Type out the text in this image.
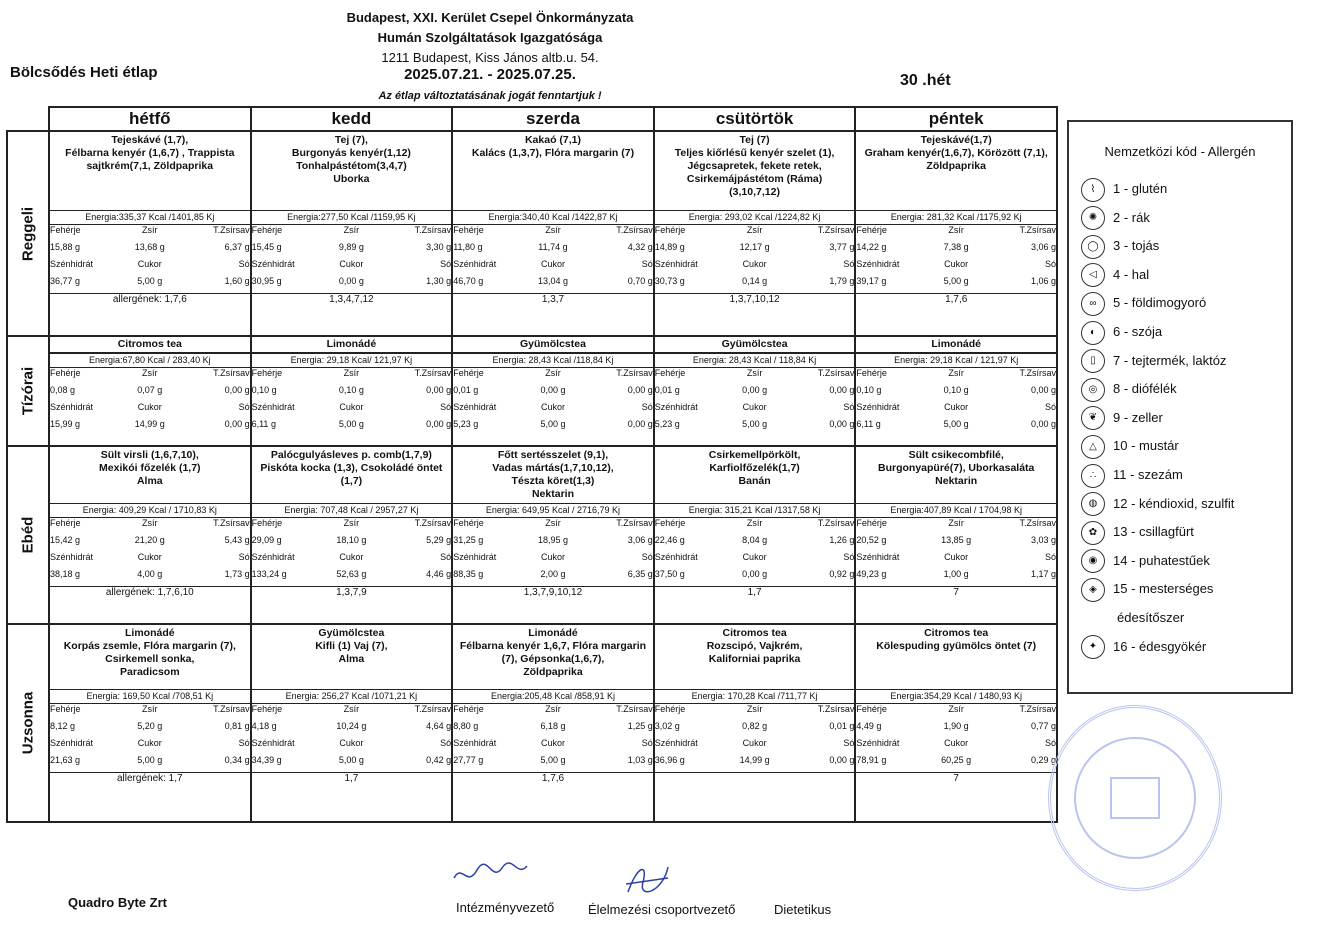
Budapest, XXI. Kerület Csepel Önkormányzata
Humán Szolgáltatások Igazgatósága
1211 Budapest, Kiss János altb.u. 54.
2025.07.21. - 2025.07.25.
Az étlap változtatásának jogát fenntartjuk !
Bölcsődés Heti étlap	30 .hét
	hétfő	kedd	szerda	csütörtök	péntek

Reggeli

Tejeskávé (1,7),
Félbarna kenyér (1,6,7) , Trappista sajtkrém(7,1, Zöldpaprika
Energia:335,37 Kcal /1401,85 Kj
Fehérje	Zsír	T.Zsírsav
15,88 g	13,68 g	6,37 g
Szénhidrát	Cukor	Só
36,77 g	5,00 g	1,60 g
allergének: 1,7,6

Tej (7),
Burgonyás kenyér(1,12)
Tonhalpástétom(3,4,7)
Uborka
Energia:277,50 Kcal /1159,95 Kj
Fehérje	Zsír	T.Zsírsav
15,45 g	9,89 g	3,30 g
Szénhidrát	Cukor	Só
30,95 g	0,00 g	1,30 g
1,3,4,7,12

Kakaó (7,1)
Kalács (1,3,7), Flóra margarin (7)
Energia:340,40 Kcal /1422,87 Kj
Fehérje	Zsír	T.Zsírsav
11,80 g	11,74 g	4,32 g
Szénhidrát	Cukor	Só
46,70 g	13,04 g	0,70 g
1,3,7

Tej (7)
Teljes kiőrlésű kenyér szelet (1),
Jégcsapretek, fekete retek,
Csirkemájpástétom (Ráma)
(3,10,7,12)
Energia: 293,02 Kcal /1224,82 Kj
Fehérje	Zsír	T.Zsírsav
14,89 g	12,17 g	3,77 g
Szénhidrát	Cukor	Só
30,73 g	0,14 g	1,79 g
1,3,7,10,12

Tejeskávé(1,7)
Graham kenyér(1,6,7), Körözött (7,1),
Zöldpaprika
Energia: 281,32 Kcal /1175,92 Kj
Fehérje	Zsír	T.Zsírsav
14,22 g	7,38 g	3,06 g
Szénhidrát	Cukor	Só
39,17 g	5,00 g	1,06 g
1,7,6

Tízórai

Citromos tea
Energia:67,80 Kcal / 283,40 Kj
Fehérje	Zsír	T.Zsírsav
0,08 g	0,07 g	0,00 g
Szénhidrát	Cukor	Só
15,99 g	14,99 g	0,00 g

Limonádé
Energia: 29,18 Kcal/ 121,97 Kj
Fehérje	Zsír	T.Zsírsav
0,10 g	0,10 g	0,00 g
Szénhidrát	Cukor	Só
6,11 g	5,00 g	0,00 g

Gyümölcstea
Energia: 28,43 Kcal /118,84 Kj
Fehérje	Zsír	T.Zsírsav
0,01 g	0,00 g	0,00 g
Szénhidrát	Cukor	Só
5,23 g	5,00 g	0,00 g

Gyümölcstea
Energia: 28,43 Kcal / 118,84 Kj
Fehérje	Zsír	T.Zsírsav
0,01 g	0,00 g	0,00 g
Szénhidrát	Cukor	Só
5,23 g	5,00 g	0,00 g

Limonádé
Energia: 29,18 Kcal / 121,97 Kj
Fehérje	Zsír	T.Zsírsav
0,10 g	0,10 g	0,00 g
Szénhidrát	Cukor	Só
6,11 g	5,00 g	0,00 g

Ebéd

Sült virsli (1,6,7,10),
Mexikói főzelék (1,7)
Alma
Energia: 409,29 Kcal / 1710,83 Kj
Fehérje	Zsír	T.Zsírsav
15,42 g	21,20 g	5,43 g
Szénhidrát	Cukor	Só
38,18 g	4,00 g	1,73 g
allergének: 1,7,6,10

Palócgulyásleves p. comb(1,7,9)
Piskóta kocka (1,3), Csokoládé öntet (1,7)
Energia: 707,48 Kcal / 2957,27 Kj
Fehérje	Zsír	T.Zsírsav
29,09 g	18,10 g	5,29 g
Szénhidrát	Cukor	Só
133,24 g	52,63 g	4,46 g
1,3,7,9

Főtt sertésszelet (9,1),
Vadas mártás(1,7,10,12),
Tészta köret(1,3)
Nektarin
Energia: 649,95 Kcal / 2716,79 Kj
Fehérje	Zsír	T.Zsírsav
31,25 g	18,95 g	3,06 g
Szénhidrát	Cukor	Só
88,35 g	2,00 g	6,35 g
1,3,7,9,10,12

Csirkemellpörkölt,
Karfiolfőzelék(1,7)
Banán
Energia: 315,21 Kcal /1317,58 Kj
Fehérje	Zsír	T.Zsírsav
22,46 g	8,04 g	1,26 g
Szénhidrát	Cukor	Só
37,50 g	0,00 g	0,92 g
1,7

Sült csikecombfilé,
Burgonyapüré(7), Uborkasaláta
Nektarin
Energia:407,89 Kcal / 1704,98 Kj
Fehérje	Zsír	T.Zsírsav
20,52 g	13,85 g	3,03 g
Szénhidrát	Cukor	Só
49,23 g	1,00 g	1,17 g
7

Uzsonna

Limonádé
Korpás zsemle, Flóra margarin (7), Csirkemell sonka,
Paradicsom
Energia: 169,50 Kcal /708,51 Kj
Fehérje	Zsír	T.Zsírsav
8,12 g	5,20 g	0,81 g
Szénhidrát	Cukor	Só
21,63 g	5,00 g	0,34 g
allergének: 1,7

Gyümölcstea
Kifli (1) Vaj (7),
Alma
Energia: 256,27 Kcal /1071,21 Kj
Fehérje	Zsír	T.Zsírsav
4,18 g	10,24 g	4,64 g
Szénhidrát	Cukor	Só
34,39 g	5,00 g	0,42 g
1,7

Limonádé
Félbarna kenyér 1,6,7, Flóra margarin (7), Gépsonka(1,6,7),
Zöldpaprika
Energia:205,48 Kcal /858,91 Kj
Fehérje	Zsír	T.Zsírsav
8,80 g	6,18 g	1,25 g
Szénhidrát	Cukor	Só
27,77 g	5,00 g	1,03 g
1,7,6

Citromos tea
Rozscipó, Vajkrém,
Kaliforniai paprika
Energia: 170,28 Kcal /711,77 Kj
Fehérje	Zsír	T.Zsírsav
3,02 g	0,82 g	0,01 g
Szénhidrát	Cukor	Só
36,96 g	14,99 g	0,00 g

Citromos tea
Kölespuding gyümölcs öntet (7)
Energia:354,29 Kcal / 1480,93 Kj
Fehérje	Zsír	T.Zsírsav
4,49 g	1,90 g	0,77 g
Szénhidrát	Cukor	Só
78,91 g	60,25 g	0,29 g
7
Nemzetközi kód - Allergén
⌇ 1 - glutén
✺ 2 - rák
◯ 3 - tojás
◁ 4 - hal
∞ 5 - földimogyoró
◐ 6 - szója
▯ 7 - tejtermék, laktóz
◎ 8 - diófélék
❦ 9 - zeller
△ 10 - mustár
∴ 11 - szezám
◍ 12 - kéndioxid, szulfit
✿ 13 - csillagfürt
◉ 14 - puhatestűek
◈ 15 - mesterséges
édesítőszer
✦ 16 - édesgyökér
Quadro Byte Zrt	Intézményvezető	Élelmezési csoportvezető	Dietetikus
